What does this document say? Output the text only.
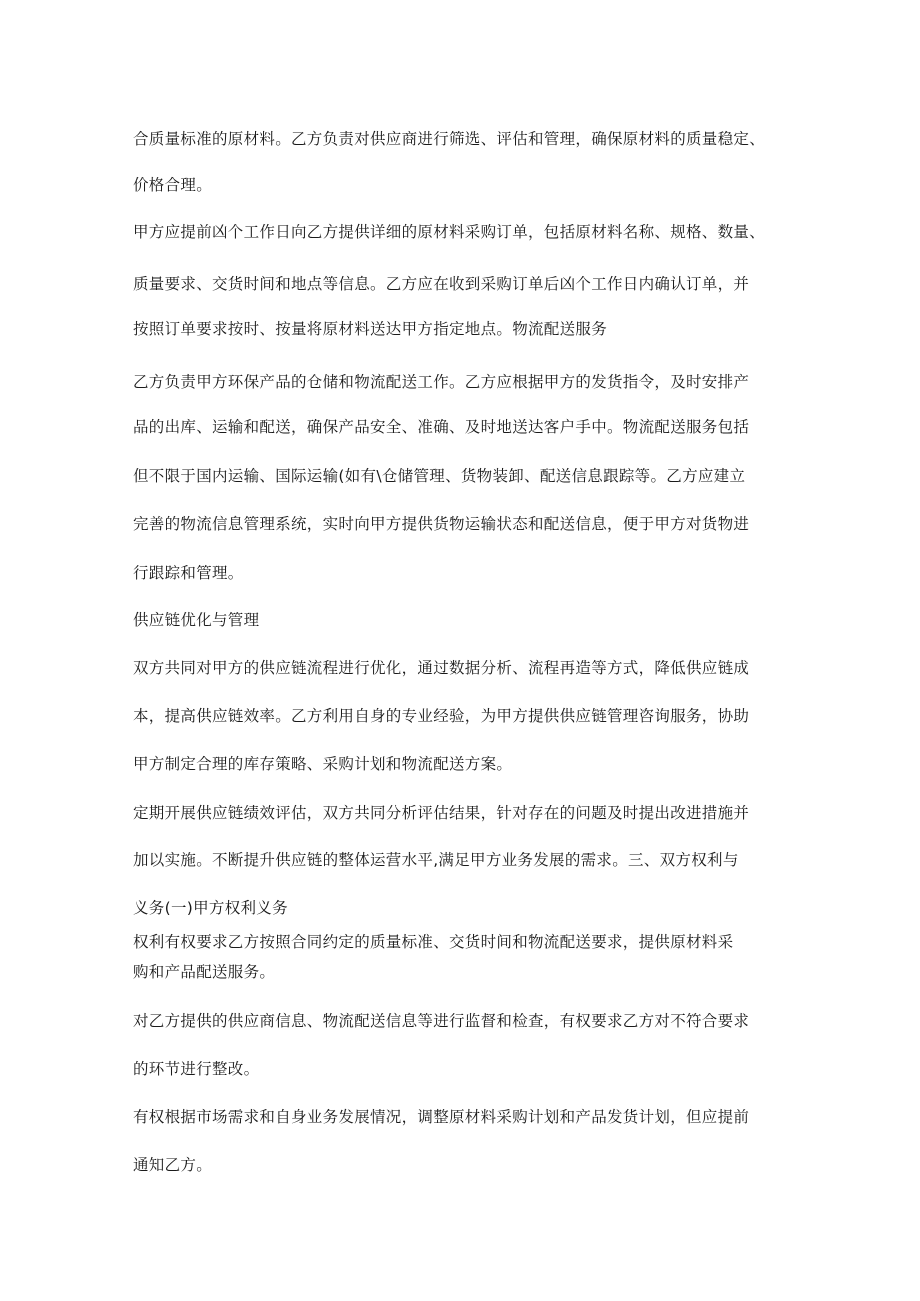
合质量标准的原材料。乙方负责对供应商进行筛选、评估和管理，确保原材料的质量稳定、
价格合理。
甲方应提前凶个工作日向乙方提供详细的原材料采购订单，包括原材料名称、规格、数量、
质量要求、交货时间和地点等信息。乙方应在收到采购订单后凶个工作日内确认订单，并
按照订单要求按时、按量将原材料送达甲方指定地点。物流配送服务
乙方负责甲方环保产品的仓储和物流配送工作。乙方应根据甲方的发货指令，及时安排产
品的出库、运输和配送，确保产品安全、准确、及时地送达客户手中。物流配送服务包括
但不限于国内运输、国际运输(如有\仓储管理、货物装卸、配送信息跟踪等。乙方应建立
完善的物流信息管理系统，实时向甲方提供货物运输状态和配送信息，便于甲方对货物进
行跟踪和管理。
供应链优化与管理
双方共同对甲方的供应链流程进行优化，通过数据分析、流程再造等方式，降低供应链成
本，提高供应链效率。乙方利用自身的专业经验，为甲方提供供应链管理咨询服务，协助
甲方制定合理的库存策略、采购计划和物流配送方案。
定期开展供应链绩效评估，双方共同分析评估结果，针对存在的问题及时提出改进措施并
加以实施。不断提升供应链的整体运营水平,满足甲方业务发展的需求。三、双方权利与
义务(一)甲方权利义务
权利有权要求乙方按照合同约定的质量标准、交货时间和物流配送要求，提供原材料采
购和产品配送服务。
对乙方提供的供应商信息、物流配送信息等进行监督和检查，有权要求乙方对不符合要求
的环节进行整改。
有权根据市场需求和自身业务发展情况，调整原材料采购计划和产品发货计划，但应提前
通知乙方。
